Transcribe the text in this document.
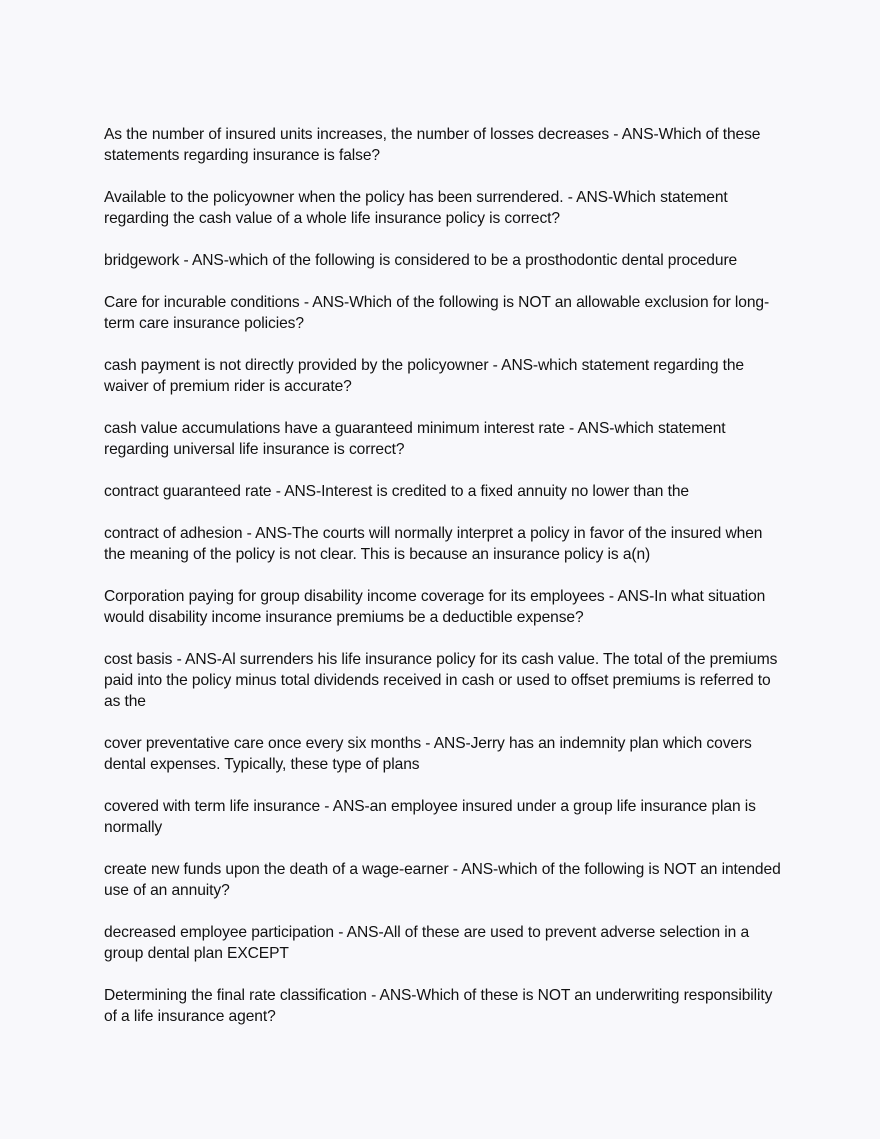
As the number of insured units increases, the number of losses decreases - ANS-Which of these statements regarding insurance is false?

Available to the policyowner when the policy has been surrendered. - ANS-Which statement regarding the cash value of a whole life insurance policy is correct?

bridgework - ANS-which of the following is considered to be a prosthodontic dental procedure

Care for incurable conditions - ANS-Which of the following is NOT an allowable exclusion for long-term care insurance policies?

cash payment is not directly provided by the policyowner - ANS-which statement regarding the waiver of premium rider is accurate?

cash value accumulations have a guaranteed minimum interest rate - ANS-which statement regarding universal life insurance is correct?

contract guaranteed rate - ANS-Interest is credited to a fixed annuity no lower than the

contract of adhesion - ANS-The courts will normally interpret a policy in favor of the insured when the meaning of the policy is not clear. This is because an insurance policy is a(n)

Corporation paying for group disability income coverage for its employees - ANS-In what situation would disability income insurance premiums be a deductible expense?

cost basis - ANS-Al surrenders his life insurance policy for its cash value. The total of the premiums paid into the policy minus total dividends received in cash or used to offset premiums is referred to as the

cover preventative care once every six months - ANS-Jerry has an indemnity plan which covers dental expenses. Typically, these type of plans

covered with term life insurance - ANS-an employee insured under a group life insurance plan is normally

create new funds upon the death of a wage-earner - ANS-which of the following is NOT an intended use of an annuity?

decreased employee participation - ANS-All of these are used to prevent adverse selection in a group dental plan EXCEPT

Determining the final rate classification - ANS-Which of these is NOT an underwriting responsibility of a life insurance agent?
